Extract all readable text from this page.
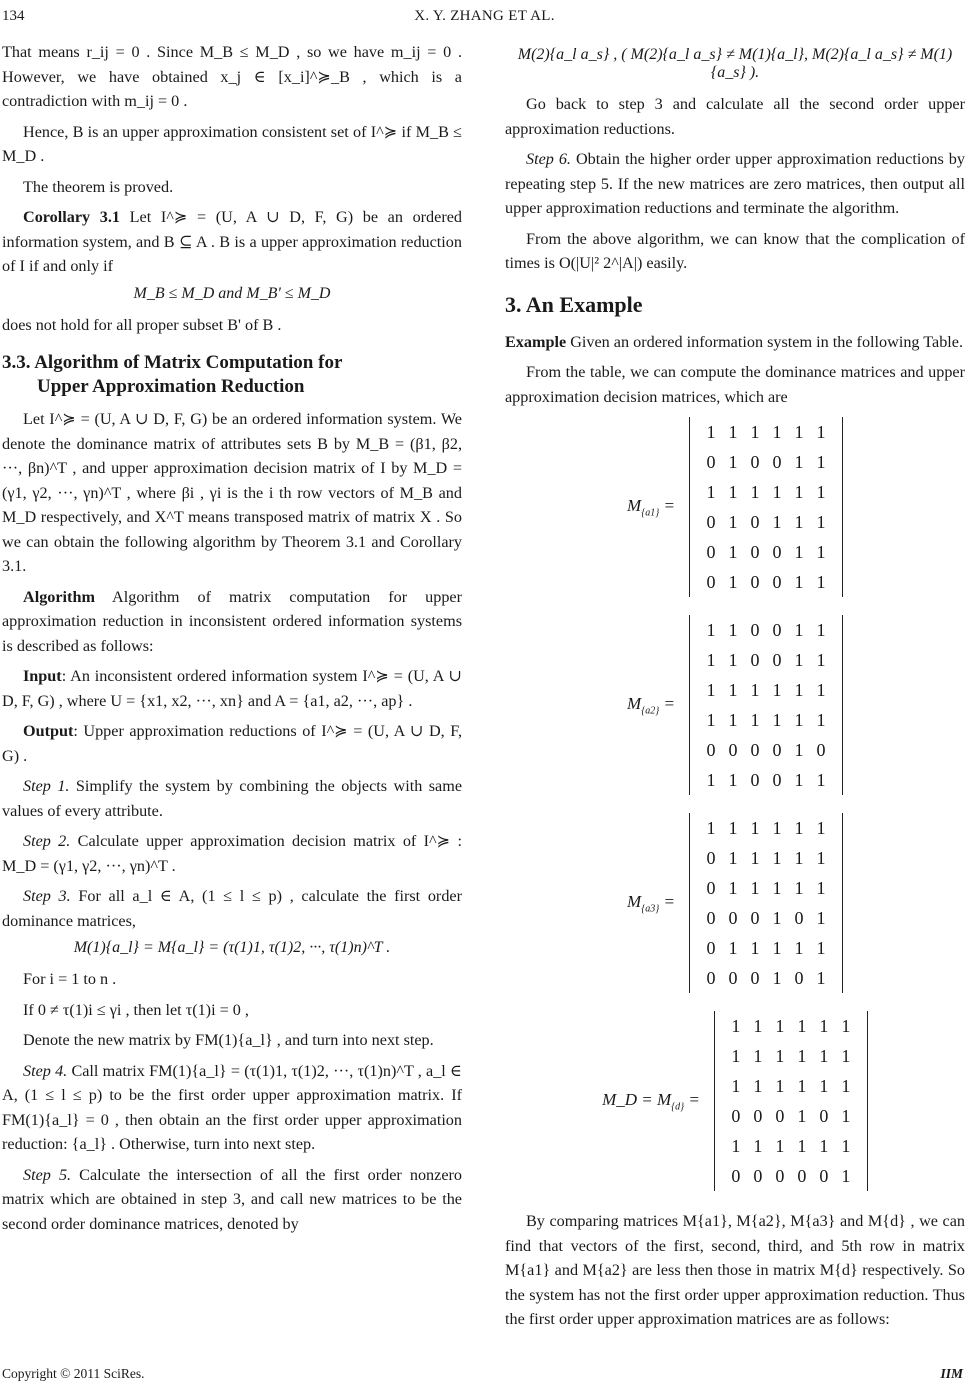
134	X. Y. ZHANG ET AL.

That means r_ij = 0 . Since M_B ≤ M_D , so we have m_ij = 0 . However, we have obtained x_j ∈ [x_i]^≽_B , which is a contradiction with m_ij = 0 .

Hence, B is an upper approximation consistent set of I^≽ if M_B ≤ M_D .

The theorem is proved.

Corollary 3.1 Let I^≽ = (U, A ∪ D, F, G) be an ordered information system, and B ⊆ A . B is a upper approximation reduction of I if and only if

M_B ≤ M_D and M_B' ≤ M_D

does not hold for all proper subset B' of B .

3.3. Algorithm of Matrix Computation for
Upper Approximation Reduction

Let I^≽ = (U, A ∪ D, F, G) be an ordered information system. We denote the dominance matrix of attributes sets B by M_B = (β1, β2, ···, βn)^T , and upper approximation decision matrix of I by M_D = (γ1, γ2, ···, γn)^T , where βi , γi is the i th row vectors of M_B and M_D respectively, and X^T means transposed matrix of matrix X . So we can obtain the following algorithm by Theorem 3.1 and Corollary 3.1.

Algorithm Algorithm of matrix computation for upper approximation reduction in inconsistent ordered information systems is described as follows:

Input: An inconsistent ordered information system I^≽ = (U, A ∪ D, F, G) , where U = {x1, x2, ···, xn} and A = {a1, a2, ···, ap} .

Output: Upper approximation reductions of I^≽ = (U, A ∪ D, F, G) .

Step 1. Simplify the system by combining the objects with same values of every attribute.

Step 2. Calculate upper approximation decision matrix of I^≽ : M_D = (γ1, γ2, ···, γn)^T .

Step 3. For all a_l ∈ A, (1 ≤ l ≤ p) , calculate the first order dominance matrices,

M(1){a_l} = M{a_l} = (τ(1)1, τ(1)2, ···, τ(1)n)^T .

For i = 1 to n .

If 0 ≠ τ(1)i ≤ γi , then let τ(1)i = 0 ,

Denote the new matrix by FM(1){a_l} , and turn into next step.

Step 4. Call matrix FM(1){a_l} = (τ(1)1, τ(1)2, ···, τ(1)n)^T , a_l ∈ A, (1 ≤ l ≤ p) to be the first order upper approximation matrix. If FM(1){a_l} = 0 , then obtain an the first order upper approximation reduction: {a_l} . Otherwise, turn into next step.

Step 5. Calculate the intersection of all the first order nonzero matrix which are obtained in step 3, and call new matrices to be the second order dominance matrices, denoted by

M(2){a_l a_s} , ( M(2){a_l a_s} ≠ M(1){a_l}, M(2){a_l a_s} ≠ M(1){a_s} ).

Go back to step 3 and calculate all the second order upper approximation reductions.

Step 6. Obtain the higher order upper approximation reductions by repeating step 5. If the new matrices are zero matrices, then output all upper approximation reductions and terminate the algorithm.

From the above algorithm, we can know that the complication of times is O(|U|² 2^|A|) easily.

3. An Example

Example Given an ordered information system in the following Table.

From the table, we can compute the dominance matrices and upper approximation decision matrices, which are

$M_{\{a1\}}$ =
1 1 1 1 1 1
0 1 0 0 1 1
1 1 1 1 1 1
0 1 0 1 1 1
0 1 0 0 1 1
0 1 0 0 1 1
$M_{\{a2\}}$ =
1 1 0 0 1 1
1 1 0 0 1 1
1 1 1 1 1 1
1 1 1 1 1 1
0 0 0 0 1 0
1 1 0 0 1 1
$M_{\{a3\}}$ =
1 1 1 1 1 1
0 1 1 1 1 1
0 1 1 1 1 1
0 0 0 1 0 1
0 1 1 1 1 1
0 0 0 1 0 1
M_D = $M_{\{d\}}$ =
1 1 1 1 1 1
1 1 1 1 1 1
1 1 1 1 1 1
0 0 0 1 0 1
1 1 1 1 1 1
0 0 0 0 0 1

By comparing matrices M{a1}, M{a2}, M{a3} and M{d} , we can find that vectors of the first, second, third, and 5th row in matrix M{a1} and M{a2} are less then those in matrix M{d} respectively. So the system has not the first order upper approximation reduction. Thus the first order upper approximation matrices are as follows:

Copyright © 2011 SciRes.	IIM
